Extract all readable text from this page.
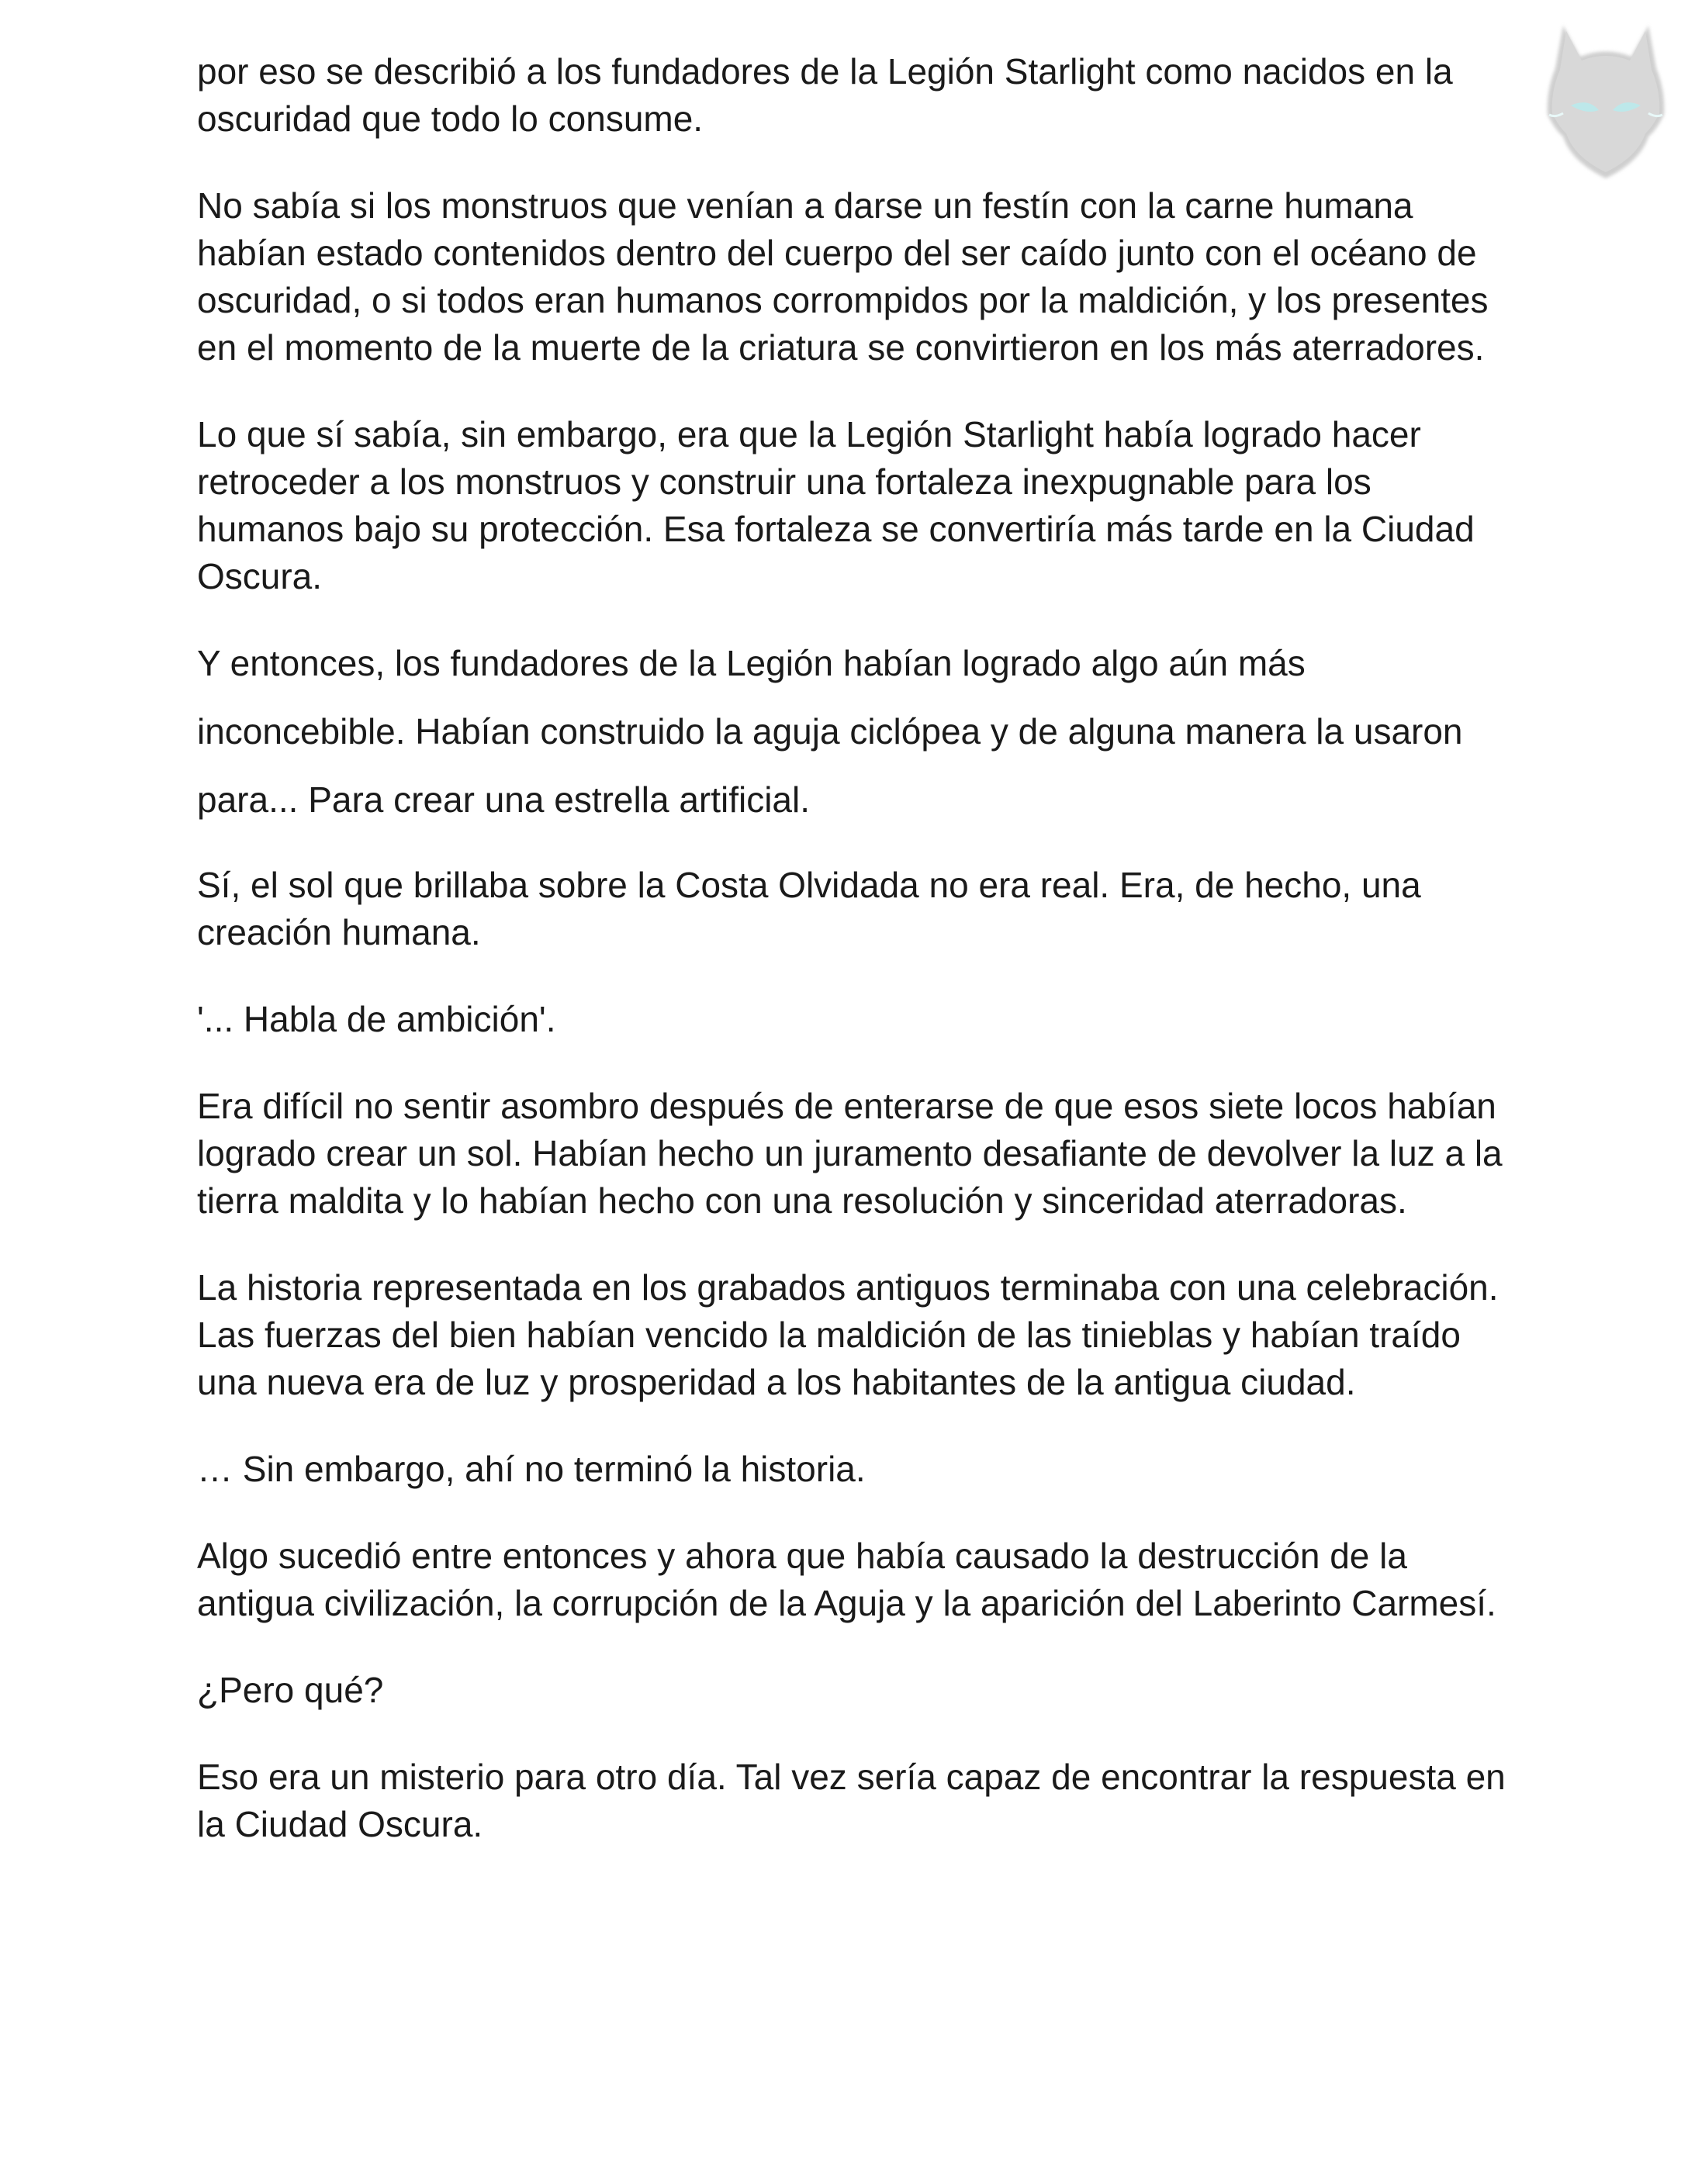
por eso se describió a los fundadores de la Legión Starlight como nacidos en la oscuridad que todo lo consume.

No sabía si los monstruos que venían a darse un festín con la carne humana habían estado contenidos dentro del cuerpo del ser caído junto con el océano de oscuridad, o si todos eran humanos corrompidos por la maldición, y los presentes en el momento de la muerte de la criatura se convirtieron en los más aterradores.

Lo que sí sabía, sin embargo, era que la Legión Starlight había logrado hacer retroceder a los monstruos y construir una fortaleza inexpugnable para los humanos bajo su protección. Esa fortaleza se convertiría más tarde en la Ciudad Oscura.

Y entonces, los fundadores de la Legión habían logrado algo aún más inconcebible. Habían construido la aguja ciclópea y de alguna manera la usaron para... Para crear una estrella artificial.

Sí, el sol que brillaba sobre la Costa Olvidada no era real. Era, de hecho, una creación humana.

'... Habla de ambición'.

Era difícil no sentir asombro después de enterarse de que esos siete locos habían logrado crear un sol. Habían hecho un juramento desafiante de devolver la luz a la tierra maldita y lo habían hecho con una resolución y sinceridad aterradoras.

La historia representada en los grabados antiguos terminaba con una celebración. Las fuerzas del bien habían vencido la maldición de las tinieblas y habían traído una nueva era de luz y prosperidad a los habitantes de la antigua ciudad.

… Sin embargo, ahí no terminó la historia.

Algo sucedió entre entonces y ahora que había causado la destrucción de la antigua civilización, la corrupción de la Aguja y la aparición del Laberinto Carmesí.

¿Pero qué?

Eso era un misterio para otro día. Tal vez sería capaz de encontrar la respuesta en la Ciudad Oscura.
